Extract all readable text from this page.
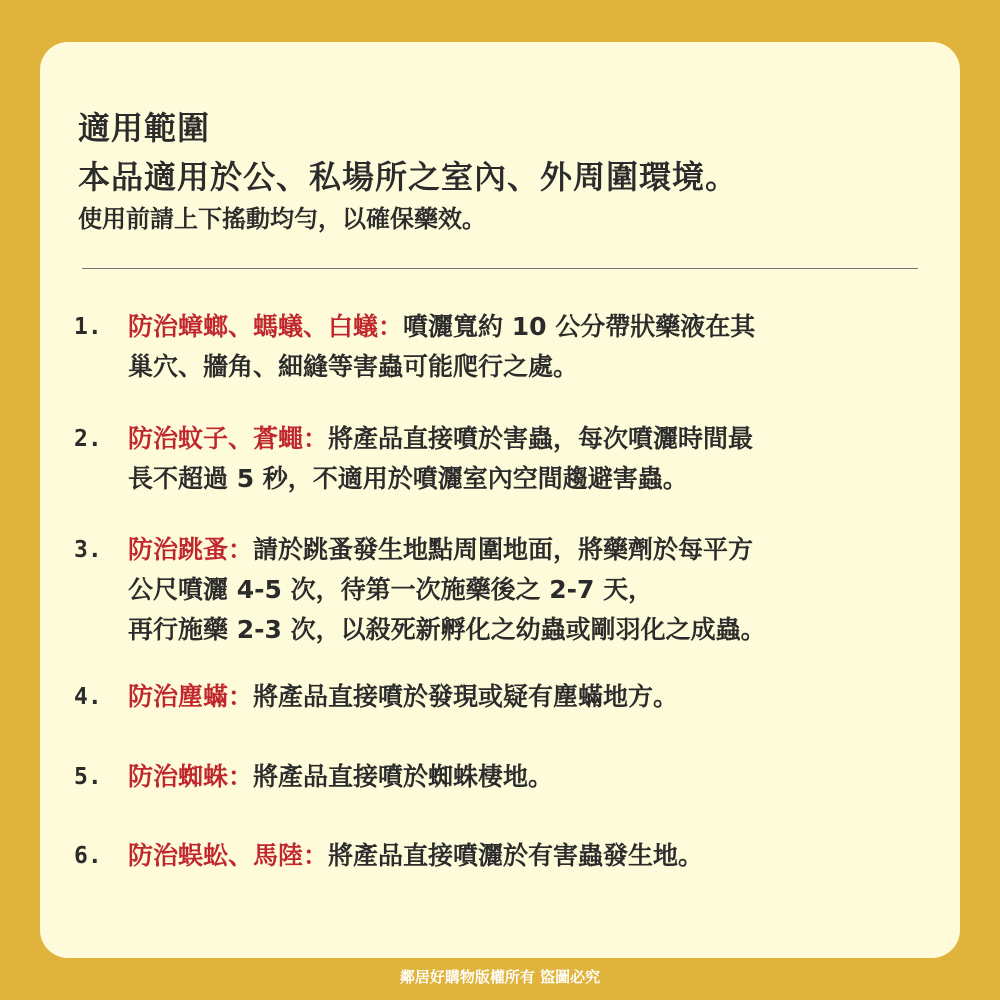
適用範圍
本品適用於公、私場所之室內、外周圍環境。
使用前請上下搖動均勻，以確保藥效。
1. 防治蟑螂、螞蟻、白蟻：噴灑寬約 10 公分帶狀藥液在其
巢穴、牆角、細縫等害蟲可能爬行之處。
2. 防治蚊子、蒼蠅：將產品直接噴於害蟲，每次噴灑時間最
長不超過 5 秒，不適用於噴灑室內空間趨避害蟲。
3. 防治跳蚤：請於跳蚤發生地點周圍地面，將藥劑於每平方
公尺噴灑 4-5 次，待第一次施藥後之 2-7 天，
再行施藥 2-3 次，以殺死新孵化之幼蟲或剛羽化之成蟲。
4. 防治塵蟎：將產品直接噴於發現或疑有塵蟎地方。
5. 防治蜘蛛：將產品直接噴於蜘蛛棲地。
6. 防治蜈蚣、馬陸：將產品直接噴灑於有害蟲發生地。
鄰居好購物版權所有 盜圖必究
